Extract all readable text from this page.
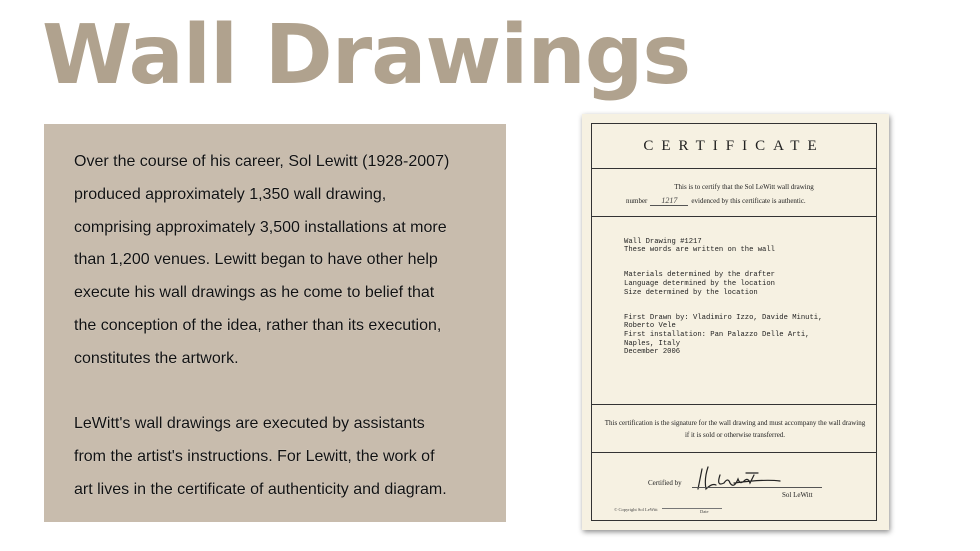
Wall Drawings

Over the course of his career, Sol Lewitt (1928-2007)
produced approximately 1,350 wall drawing,
comprising approximately 3,500 installations at more
than 1,200 venues. Lewitt began to have other help
execute his wall drawings as he come to belief that
the conception of the idea, rather than its execution,
constitutes the artwork.

LeWitt's wall drawings are executed by assistants
from the artist's instructions. For Lewitt, the work of
art lives in the certificate of authenticity and diagram.

CERTIFICATE
This is to certify that the Sol LeWitt wall drawing
number 1217 evidenced by this certificate is authentic.

Wall Drawing #1217
These words are written on the wall

Materials determined by the drafter
Language determined by the location
Size determined by the location

First Drawn by: Vladimiro Izzo, Davide Minuti,
Roberto Vele
First installation: Pan Palazzo Delle Arti,
Naples, Italy
December 2006

This certification is the signature for the wall drawing and must accompany the wall drawing if it is sold or otherwise transferred.
Certified by
Sol LeWitt
© Copyright Sol LeWitt	Date
